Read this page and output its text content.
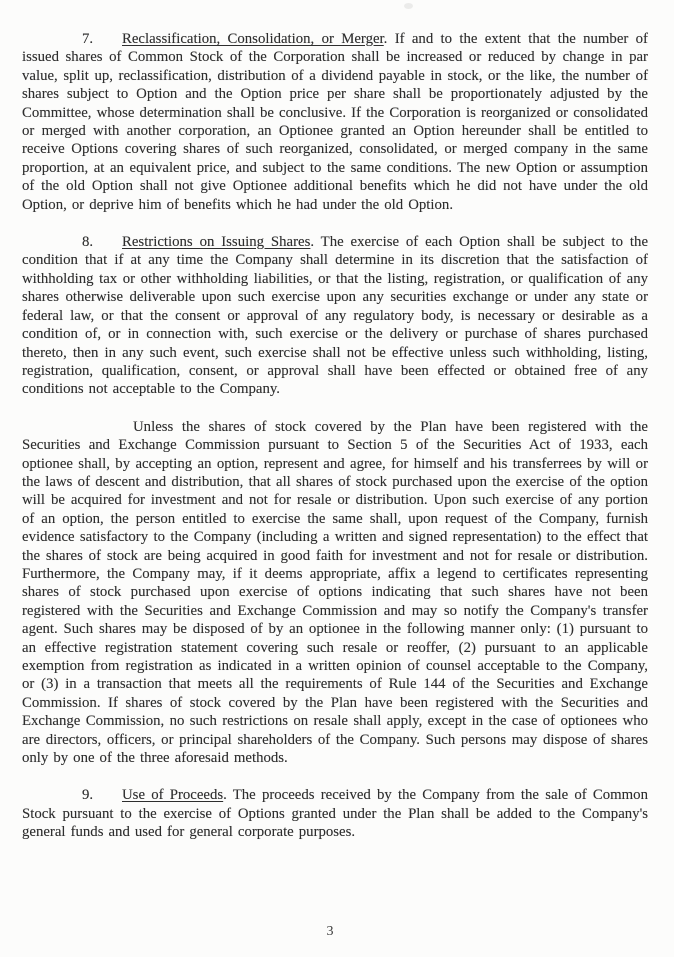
7. Reclassification, Consolidation, or Merger. If and to the extent that the number of issued shares of Common Stock of the Corporation shall be increased or reduced by change in par value, split up, reclassification, distribution of a dividend payable in stock, or the like, the number of shares subject to Option and the Option price per share shall be proportionately adjusted by the Committee, whose determination shall be conclusive. If the Corporation is reorganized or consolidated or merged with another corporation, an Optionee granted an Option hereunder shall be entitled to receive Options covering shares of such reorganized, consolidated, or merged company in the same proportion, at an equivalent price, and subject to the same conditions. The new Option or assumption of the old Option shall not give Optionee additional benefits which he did not have under the old Option, or deprive him of benefits which he had under the old Option.

8. Restrictions on Issuing Shares. The exercise of each Option shall be subject to the condition that if at any time the Company shall determine in its discretion that the satisfaction of withholding tax or other withholding liabilities, or that the listing, registration, or qualification of any shares otherwise deliverable upon such exercise upon any securities exchange or under any state or federal law, or that the consent or approval of any regulatory body, is necessary or desirable as a condition of, or in connection with, such exercise or the delivery or purchase of shares purchased thereto, then in any such event, such exercise shall not be effective unless such withholding, listing, registration, qualification, consent, or approval shall have been effected or obtained free of any conditions not acceptable to the Company.

Unless the shares of stock covered by the Plan have been registered with the Securities and Exchange Commission pursuant to Section 5 of the Securities Act of 1933, each optionee shall, by accepting an option, represent and agree, for himself and his transferrees by will or the laws of descent and distribution, that all shares of stock purchased upon the exercise of the option will be acquired for investment and not for resale or distribution. Upon such exercise of any portion of an option, the person entitled to exercise the same shall, upon request of the Company, furnish evidence satisfactory to the Company (including a written and signed representation) to the effect that the shares of stock are being acquired in good faith for investment and not for resale or distribution. Furthermore, the Company may, if it deems appropriate, affix a legend to certificates representing shares of stock purchased upon exercise of options indicating that such shares have not been registered with the Securities and Exchange Commission and may so notify the Company's transfer agent. Such shares may be disposed of by an optionee in the following manner only: (1) pursuant to an effective registration statement covering such resale or reoffer, (2) pursuant to an applicable exemption from registration as indicated in a written opinion of counsel acceptable to the Company, or (3) in a transaction that meets all the requirements of Rule 144 of the Securities and Exchange Commission. If shares of stock covered by the Plan have been registered with the Securities and Exchange Commission, no such restrictions on resale shall apply, except in the case of optionees who are directors, officers, or principal shareholders of the Company. Such persons may dispose of shares only by one of the three aforesaid methods.

9. Use of Proceeds. The proceeds received by the Company from the sale of Common Stock pursuant to the exercise of Options granted under the Plan shall be added to the Company's general funds and used for general corporate purposes.

3
